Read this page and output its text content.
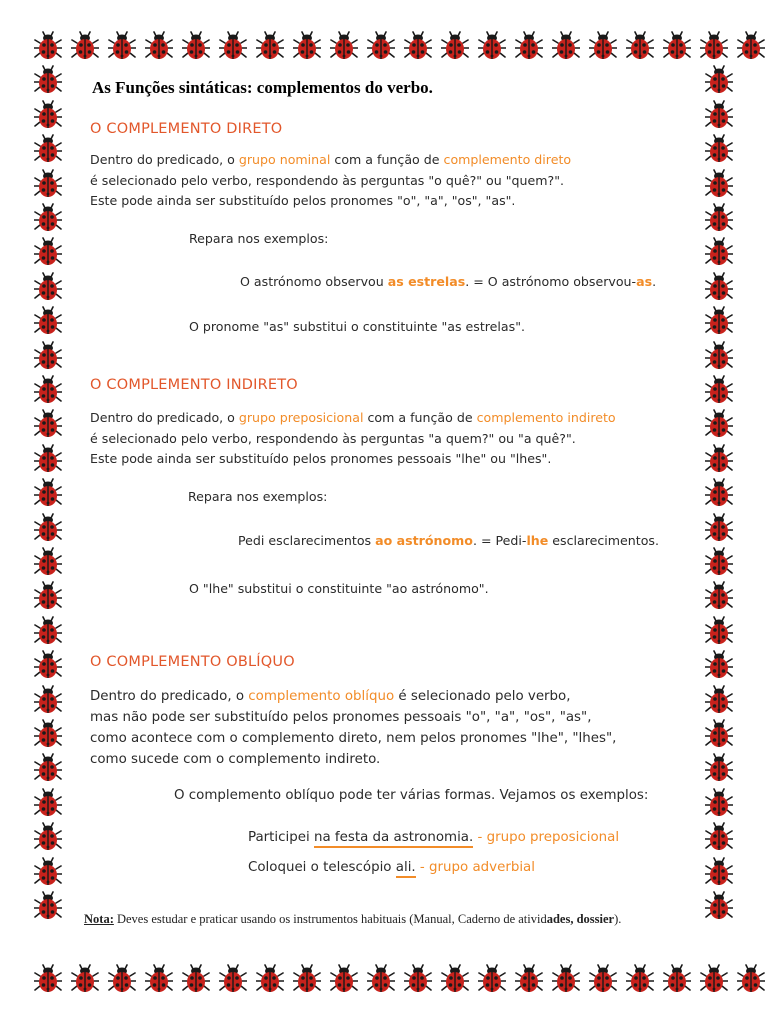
As Funções sintáticas: complementos do verbo.
O COMPLEMENTO DIRETO
Dentro do predicado, o grupo nominal com a função de complemento direto
é selecionado pelo verbo, respondendo às perguntas "o quê?" ou "quem?".
Este pode ainda ser substituído pelos pronomes "o", "a", "os", "as".
Repara nos exemplos:
O astrónomo observou as estrelas. = O astrónomo observou-as.
O pronome "as" substitui o constituinte "as estrelas".
O COMPLEMENTO INDIRETO
Dentro do predicado, o grupo preposicional com a função de complemento indireto
é selecionado pelo verbo, respondendo às perguntas "a quem?" ou "a quê?".
Este pode ainda ser substituído pelos pronomes pessoais "lhe" ou "lhes".
Repara nos exemplos:
Pedi esclarecimentos ao astrónomo. = Pedi-lhe esclarecimentos.
O "lhe" substitui o constituinte "ao astrónomo".
O COMPLEMENTO OBLÍQUO
Dentro do predicado, o complemento oblíquo é selecionado pelo verbo,
mas não pode ser substituído pelos pronomes pessoais "o", "a", "os", "as",
como acontece com o complemento direto, nem pelos pronomes "lhe", "lhes",
como sucede com o complemento indireto.
O complemento oblíquo pode ter várias formas. Vejamos os exemplos:
Participei na festa da astronomia. - grupo preposicional
Coloquei o telescópio ali. - grupo adverbial
Nota: Deves estudar e praticar usando os instrumentos habituais (Manual, Caderno de atividades, dossier).
